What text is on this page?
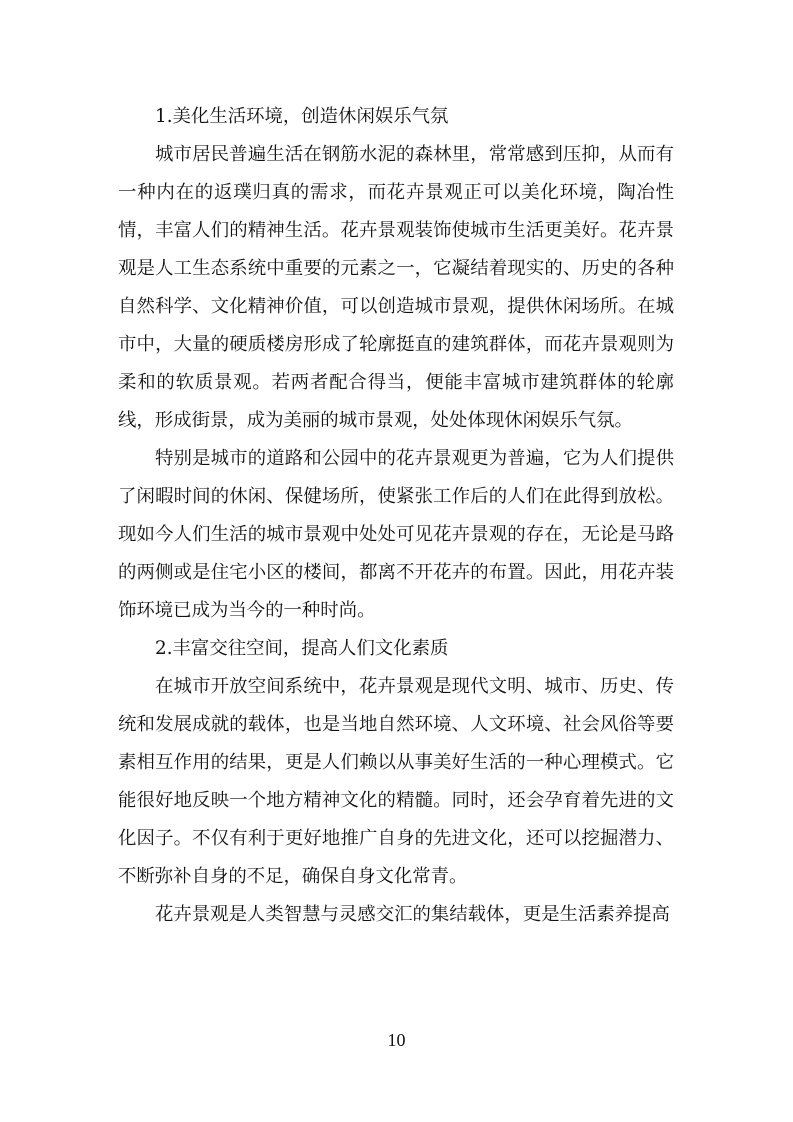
1.美化生活环境，创造休闲娱乐气氛

城市居民普遍生活在钢筋水泥的森林里，常常感到压抑，从而有一种内在的返璞归真的需求，而花卉景观正可以美化环境，陶冶性情，丰富人们的精神生活。花卉景观装饰使城市生活更美好。花卉景观是人工生态系统中重要的元素之一，它凝结着现实的、历史的各种自然科学、文化精神价值，可以创造城市景观，提供休闲场所。在城市中，大量的硬质楼房形成了轮廓挺直的建筑群体，而花卉景观则为柔和的软质景观。若两者配合得当，便能丰富城市建筑群体的轮廓线，形成街景，成为美丽的城市景观，处处体现休闲娱乐气氛。

特别是城市的道路和公园中的花卉景观更为普遍，它为人们提供了闲暇时间的休闲、保健场所，使紧张工作后的人们在此得到放松。现如今人们生活的城市景观中处处可见花卉景观的存在，无论是马路的两侧或是住宅小区的楼间，都离不开花卉的布置。因此，用花卉装饰环境已成为当今的一种时尚。

2.丰富交往空间，提高人们文化素质

在城市开放空间系统中，花卉景观是现代文明、城市、历史、传统和发展成就的载体，也是当地自然环境、人文环境、社会风俗等要素相互作用的结果，更是人们赖以从事美好生活的一种心理模式。它能很好地反映一个地方精神文化的精髓。同时，还会孕育着先进的文化因子。不仅有利于更好地推广自身的先进文化，还可以挖掘潜力、不断弥补自身的不足，确保自身文化常青。

花卉景观是人类智慧与灵感交汇的集结载体，更是生活素养提高

10
